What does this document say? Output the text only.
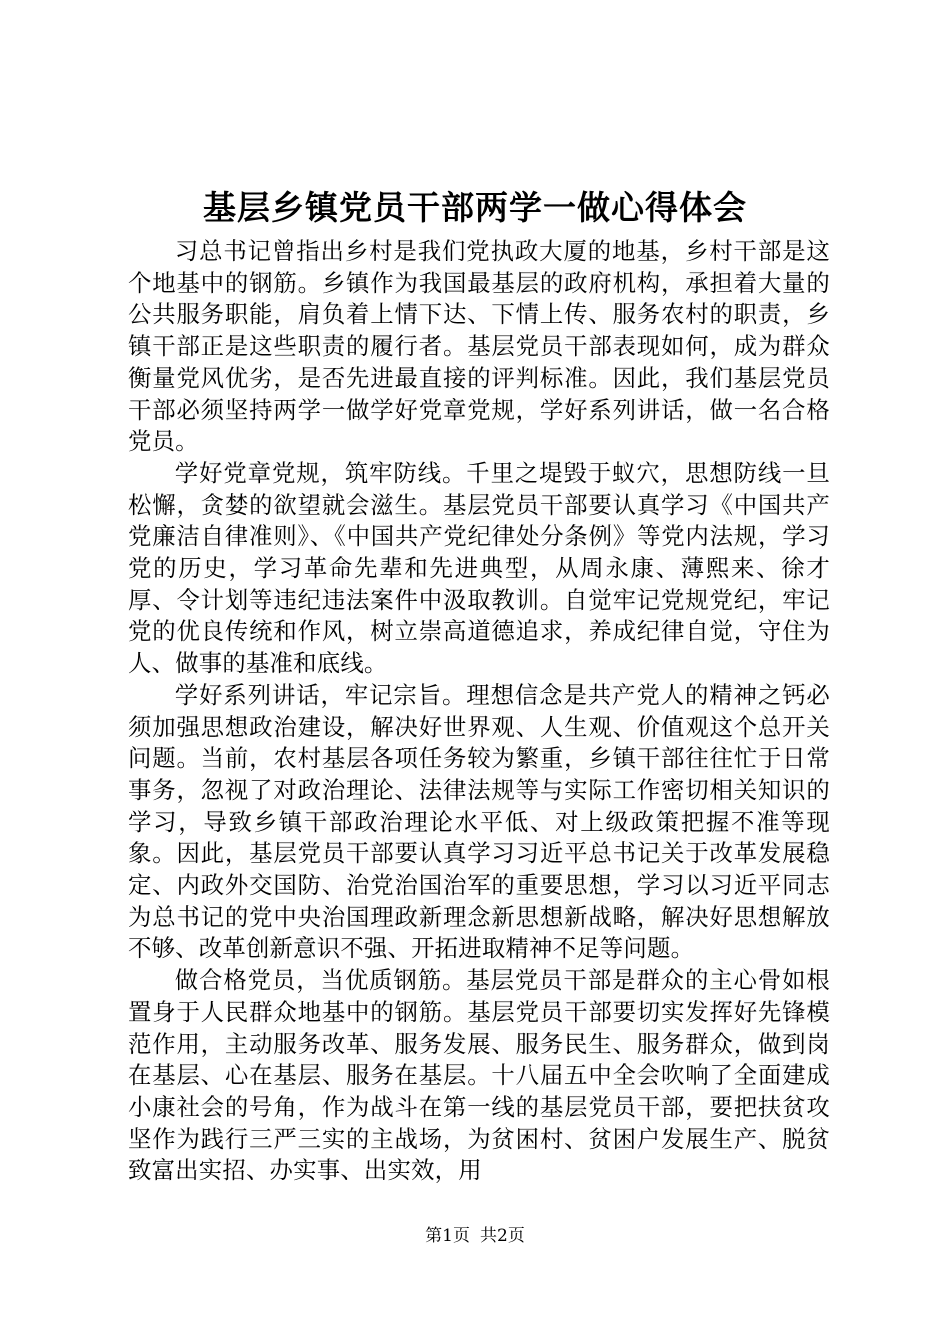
基层乡镇党员干部两学一做心得体会

习总书记曾指出乡村是我们党执政大厦的地基，乡村干部是这个地基中的钢筋。乡镇作为我国最基层的政府机构，承担着大量的公共服务职能，肩负着上情下达、下情上传、服务农村的职责，乡镇干部正是这些职责的履行者。基层党员干部表现如何，成为群众衡量党风优劣，是否先进最直接的评判标准。因此，我们基层党员干部必须坚持两学一做学好党章党规，学好系列讲话，做一名合格党员。

学好党章党规，筑牢防线。千里之堤毁于蚁穴，思想防线一旦松懈，贪婪的欲望就会滋生。基层党员干部要认真学习《中国共产党廉洁自律准则》、《中国共产党纪律处分条例》等党内法规，学习党的历史，学习革命先辈和先进典型，从周永康、薄熙来、徐才厚、令计划等违纪违法案件中汲取教训。自觉牢记党规党纪，牢记党的优良传统和作风，树立崇高道德追求，养成纪律自觉，守住为人、做事的基准和底线。

学好系列讲话，牢记宗旨。理想信念是共产党人的精神之钙必须加强思想政治建设，解决好世界观、人生观、价值观这个总开关问题。当前，农村基层各项任务较为繁重，乡镇干部往往忙于日常事务，忽视了对政治理论、法律法规等与实际工作密切相关知识的学习，导致乡镇干部政治理论水平低、对上级政策把握不准等现象。因此，基层党员干部要认真学习习近平总书记关于改革发展稳定、内政外交国防、治党治国治军的重要思想，学习以习近平同志为总书记的党中央治国理政新理念新思想新战略，解决好思想解放不够、改革创新意识不强、开拓进取精神不足等问题。

做合格党员，当优质钢筋。基层党员干部是群众的主心骨如根置身于人民群众地基中的钢筋。基层党员干部要切实发挥好先锋模范作用，主动服务改革、服务发展、服务民生、服务群众，做到岗在基层、心在基层、服务在基层。十八届五中全会吹响了全面建成小康社会的号角，作为战斗在第一线的基层党员干部，要把扶贫攻坚作为践行三严三实的主战场，为贫困村、贫困户发展生产、脱贫致富出实招、办实事、出实效，用

第1页 共2页
